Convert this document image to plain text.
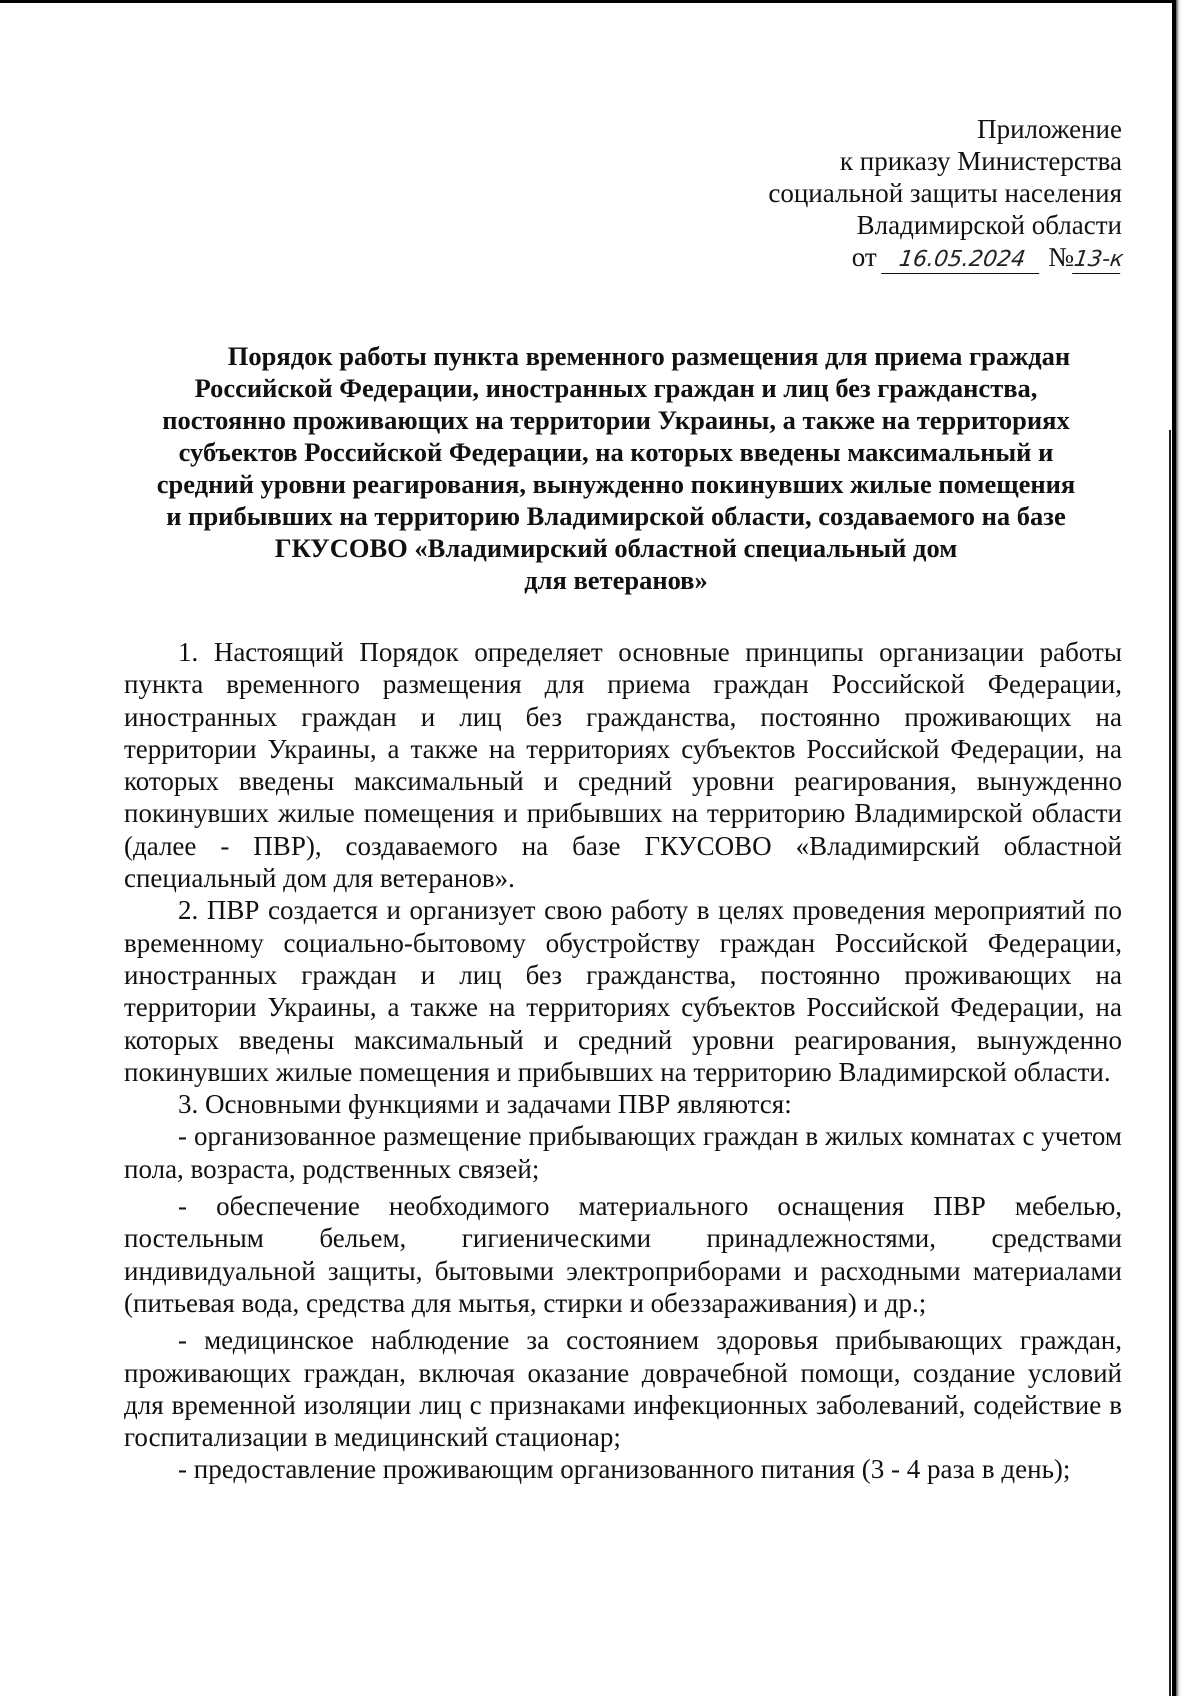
Приложение
к приказу Министерства
социальной защиты населения
Владимирской области
от 16.05.2024 №13-к
Порядок работы пункта временного размещения для приема граждан
Российской Федерации, иностранных граждан и лиц без гражданства,
постоянно проживающих на территории Украины, а также на территориях
субъектов Российской Федерации, на которых введены максимальный и
средний уровни реагирования, вынужденно покинувших жилые помещения
и прибывших на территорию Владимирской области, создаваемого на базе
ГКУСОВО «Владимирский областной специальный дом
для ветеранов»

1. Настоящий Порядок определяет основные принципы организации работы пункта временного размещения для приема граждан Российской Федерации, иностранных граждан и лиц без гражданства, постоянно проживающих на территории Украины, а также на территориях субъектов Российской Федерации, на которых введены максимальный и средний уровни реагирования, вынужденно покинувших жилые помещения и прибывших на территорию Владимирской области (далее - ПВР), создаваемого на базе ГКУСОВО «Владимирский областной специальный дом для ветеранов».

2. ПВР создается и организует свою работу в целях проведения мероприятий по временному социально-бытовому обустройству граждан Российской Федерации, иностранных граждан и лиц без гражданства, постоянно проживающих на территории Украины, а также на территориях субъектов Российской Федерации, на которых введены максимальный и средний уровни реагирования, вынужденно покинувших жилые помещения и прибывших на территорию Владимирской области.

3. Основными функциями и задачами ПВР являются:

- организованное размещение прибывающих граждан в жилых комнатах с учетом пола, возраста, родственных связей;

- обеспечение необходимого материального оснащения ПВР мебелью, постельным бельем, гигиеническими принадлежностями, средствами индивидуальной защиты, бытовыми электроприборами и расходными материалами (питьевая вода, средства для мытья, стирки и обеззараживания) и др.;

- медицинское наблюдение за состоянием здоровья прибывающих граждан, проживающих граждан, включая оказание доврачебной помощи, создание условий для временной изоляции лиц с признаками инфекционных заболеваний, содействие в госпитализации в медицинский стационар;

- предоставление проживающим организованного питания (3 - 4 раза в день);
